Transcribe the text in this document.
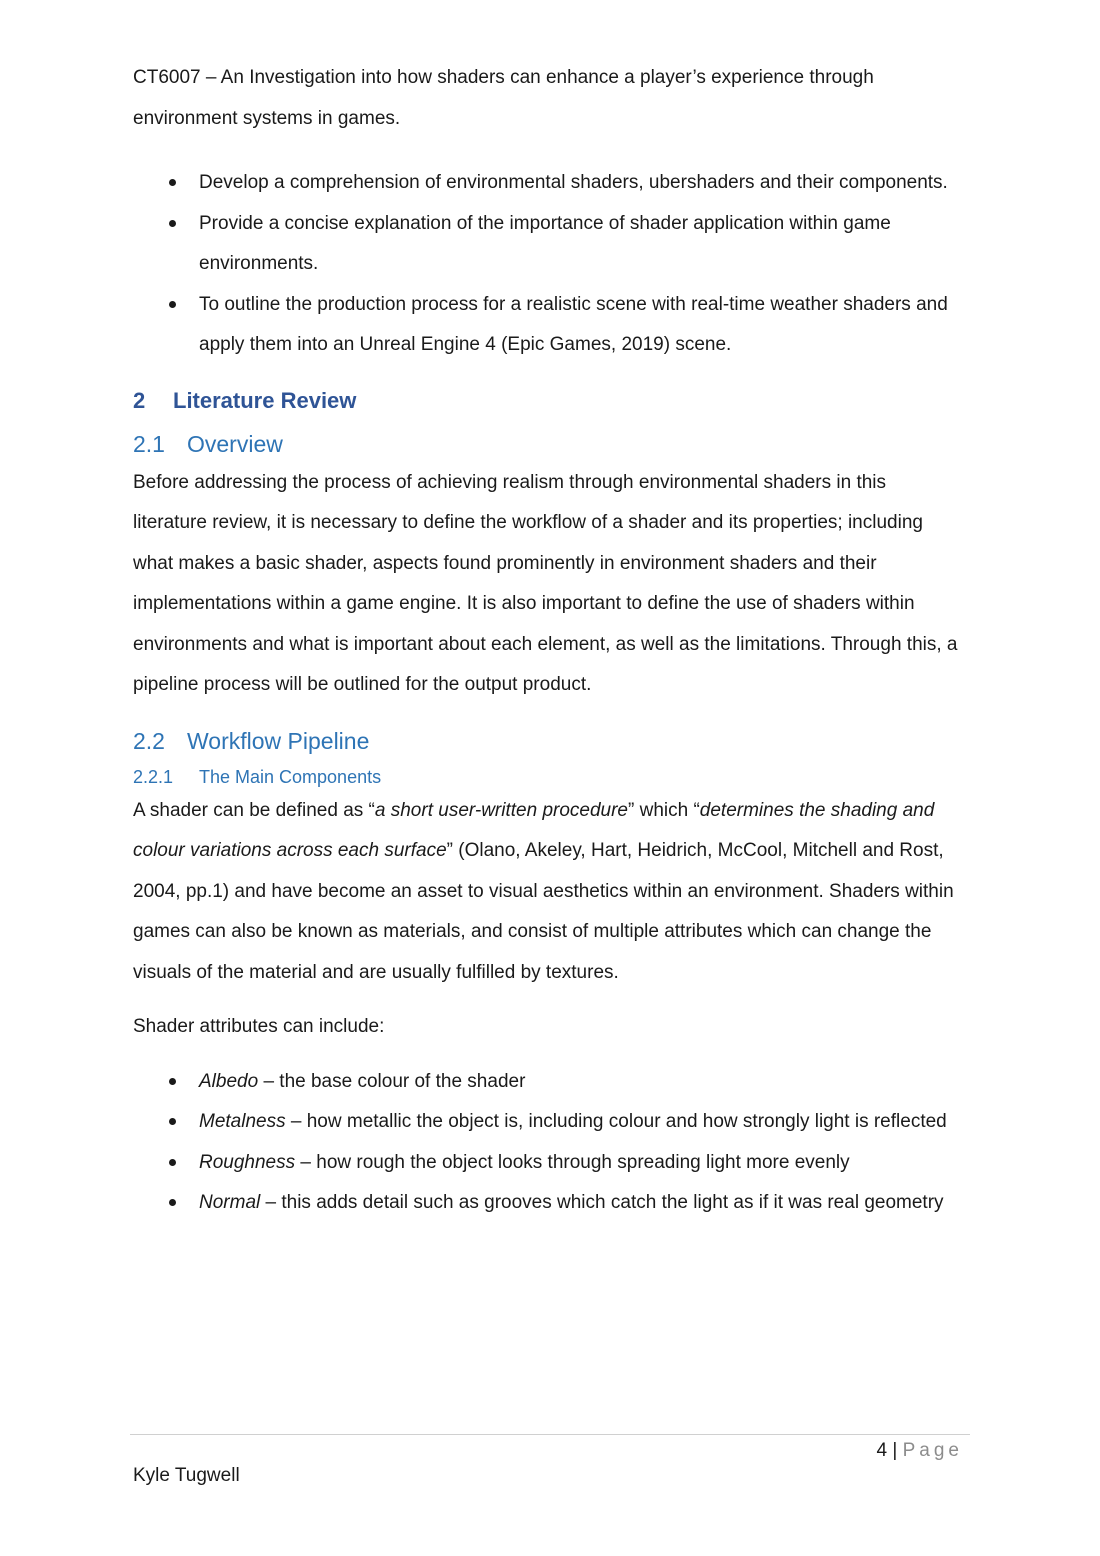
CT6007 – An Investigation into how shaders can enhance a player’s experience through environment systems in games.

Develop a comprehension of environmental shaders, ubershaders and their components.
Provide a concise explanation of the importance of shader application within game environments.
To outline the production process for a realistic scene with real-time weather shaders and apply them into an Unreal Engine 4 (Epic Games, 2019) scene.
2 Literature Review
2.1 Overview

Before addressing the process of achieving realism through environmental shaders in this literature review, it is necessary to define the workflow of a shader and its properties; including what makes a basic shader, aspects found prominently in environment shaders and their implementations within a game engine. It is also important to define the use of shaders within environments and what is important about each element, as well as the limitations. Through this, a pipeline process will be outlined for the output product.

2.2 Workflow Pipeline
2.2.1 The Main Components

A shader can be defined as “a short user-written procedure” which “determines the shading and colour variations across each surface” (Olano, Akeley, Hart, Heidrich, McCool, Mitchell and Rost, 2004, pp.1) and have become an asset to visual aesthetics within an environment. Shaders within games can also be known as materials, and consist of multiple attributes which can change the visuals of the material and are usually fulfilled by textures.

Shader attributes can include:

Albedo – the base colour of the shader
Metalness – how metallic the object is, including colour and how strongly light is reflected
Roughness – how rough the object looks through spreading light more evenly
Normal – this adds detail such as grooves which catch the light as if it was real geometry
4 | Page
Kyle Tugwell
